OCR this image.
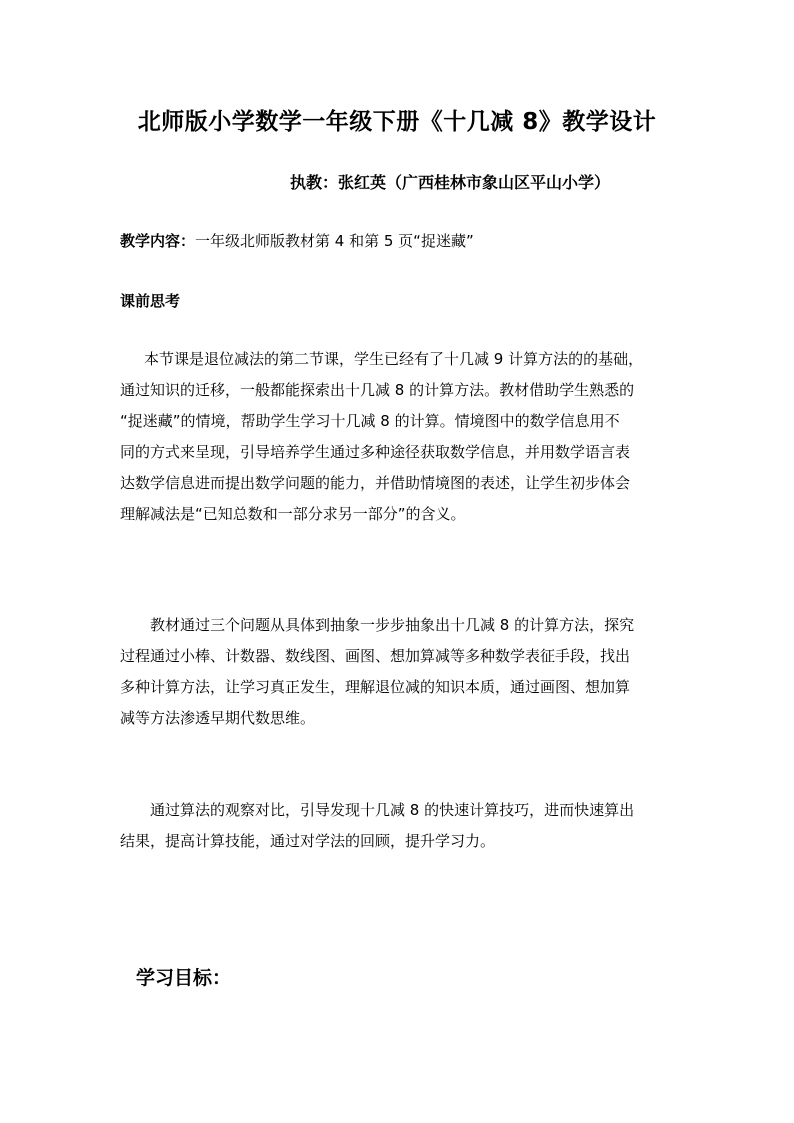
北师版小学数学一年级下册《十几减 8》教学设计
执教：张红英（广西桂林市象山区平山小学）
教学内容：一年级北师版教材第 4 和第 5 页“捉迷藏”
课前思考
本节课是退位减法的第二节课，学生已经有了十几减 9 计算方法的的基础，
通过知识的迁移，一般都能探索出十几减 8 的计算方法。教材借助学生熟悉的
“捉迷藏”的情境，帮助学生学习十几减 8 的计算。情境图中的数学信息用不
同的方式来呈现，引导培养学生通过多种途径获取数学信息，并用数学语言表
达数学信息进而提出数学问题的能力，并借助情境图的表述，让学生初步体会
理解减法是“已知总数和一部分求另一部分”的含义。
教材通过三个问题从具体到抽象一步步抽象出十几减 8 的计算方法，探究
过程通过小棒、计数器、数线图、画图、想加算减等多种数学表征手段，找出
多种计算方法，让学习真正发生，理解退位减的知识本质，通过画图、想加算
减等方法渗透早期代数思维。
通过算法的观察对比，引导发现十几减 8 的快速计算技巧，进而快速算出
结果，提高计算技能，通过对学法的回顾，提升学习力。
学习目标：
